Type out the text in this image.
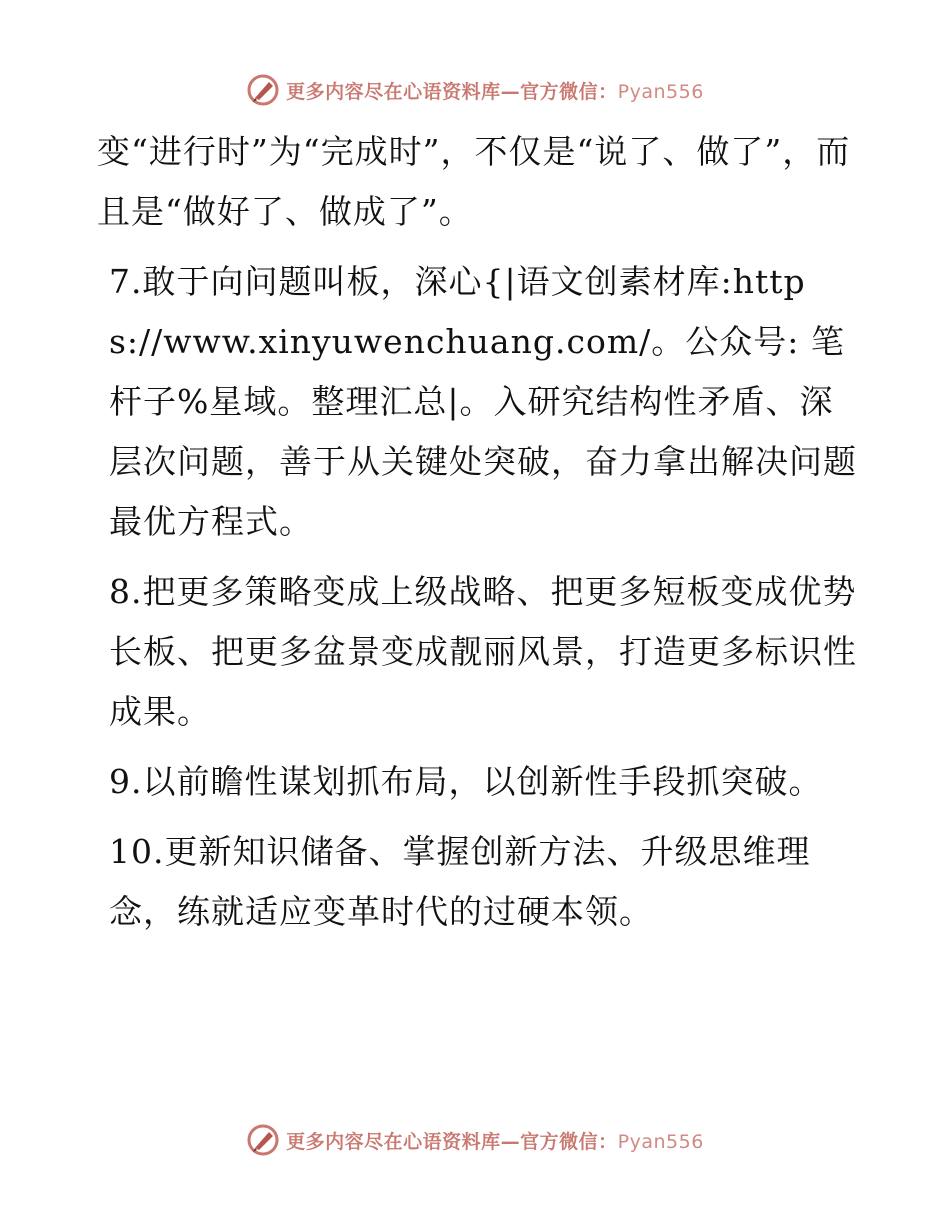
更多内容尽在心语资料库—官方微信：Pyan556

变“进行时”为“完成时”，不仅是“说了、做了”，而且是“做好了、做成了”。

7.敢于向问题叫板，深心{|语文创素材库:https://www.xinyuwenchuang.com/。公众号: 笔杆子%星域。整理汇总|。入研究结构性矛盾、深层次问题，善于从关键处突破，奋力拿出解决问题最优方程式。

8.把更多策略变成上级战略、把更多短板变成优势长板、把更多盆景变成靓丽风景，打造更多标识性成果。

9.以前瞻性谋划抓布局，以创新性手段抓突破。

10.更新知识储备、掌握创新方法、升级思维理念，练就适应变革时代的过硬本领。

更多内容尽在心语资料库—官方微信：Pyan556
